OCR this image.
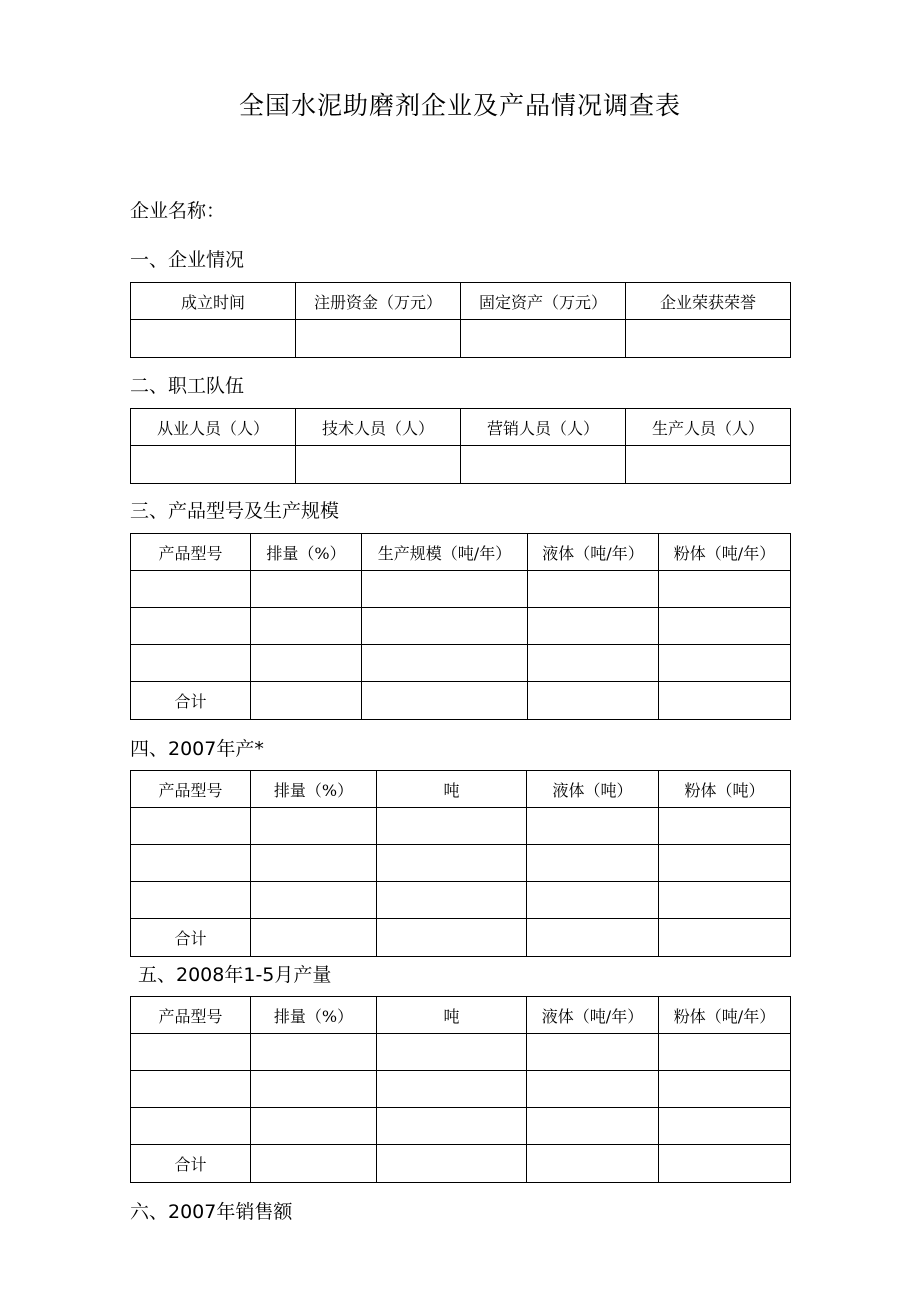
全国水泥助磨剂企业及产品情况调查表
企业名称：
一、企业情况
成立时间	注册资金（万元）	固定资产（万元）	企业荣获荣誉

二、职工队伍
从业人员（人）	技术人员（人）	营销人员（人）	生产人员（人）

三、产品型号及生产规模
产品型号	排量（%）	生产规模（吨/年）	液体（吨/年）	粉体（吨/年）

合计				
四、2007年产*
产品型号	排量（%）	吨	液体（吨）	粉体（吨）

合计				
五、2008年1-5月产量
产品型号	排量（%）	吨	液体（吨/年）	粉体（吨/年）

合计				
六、2007年销售额
